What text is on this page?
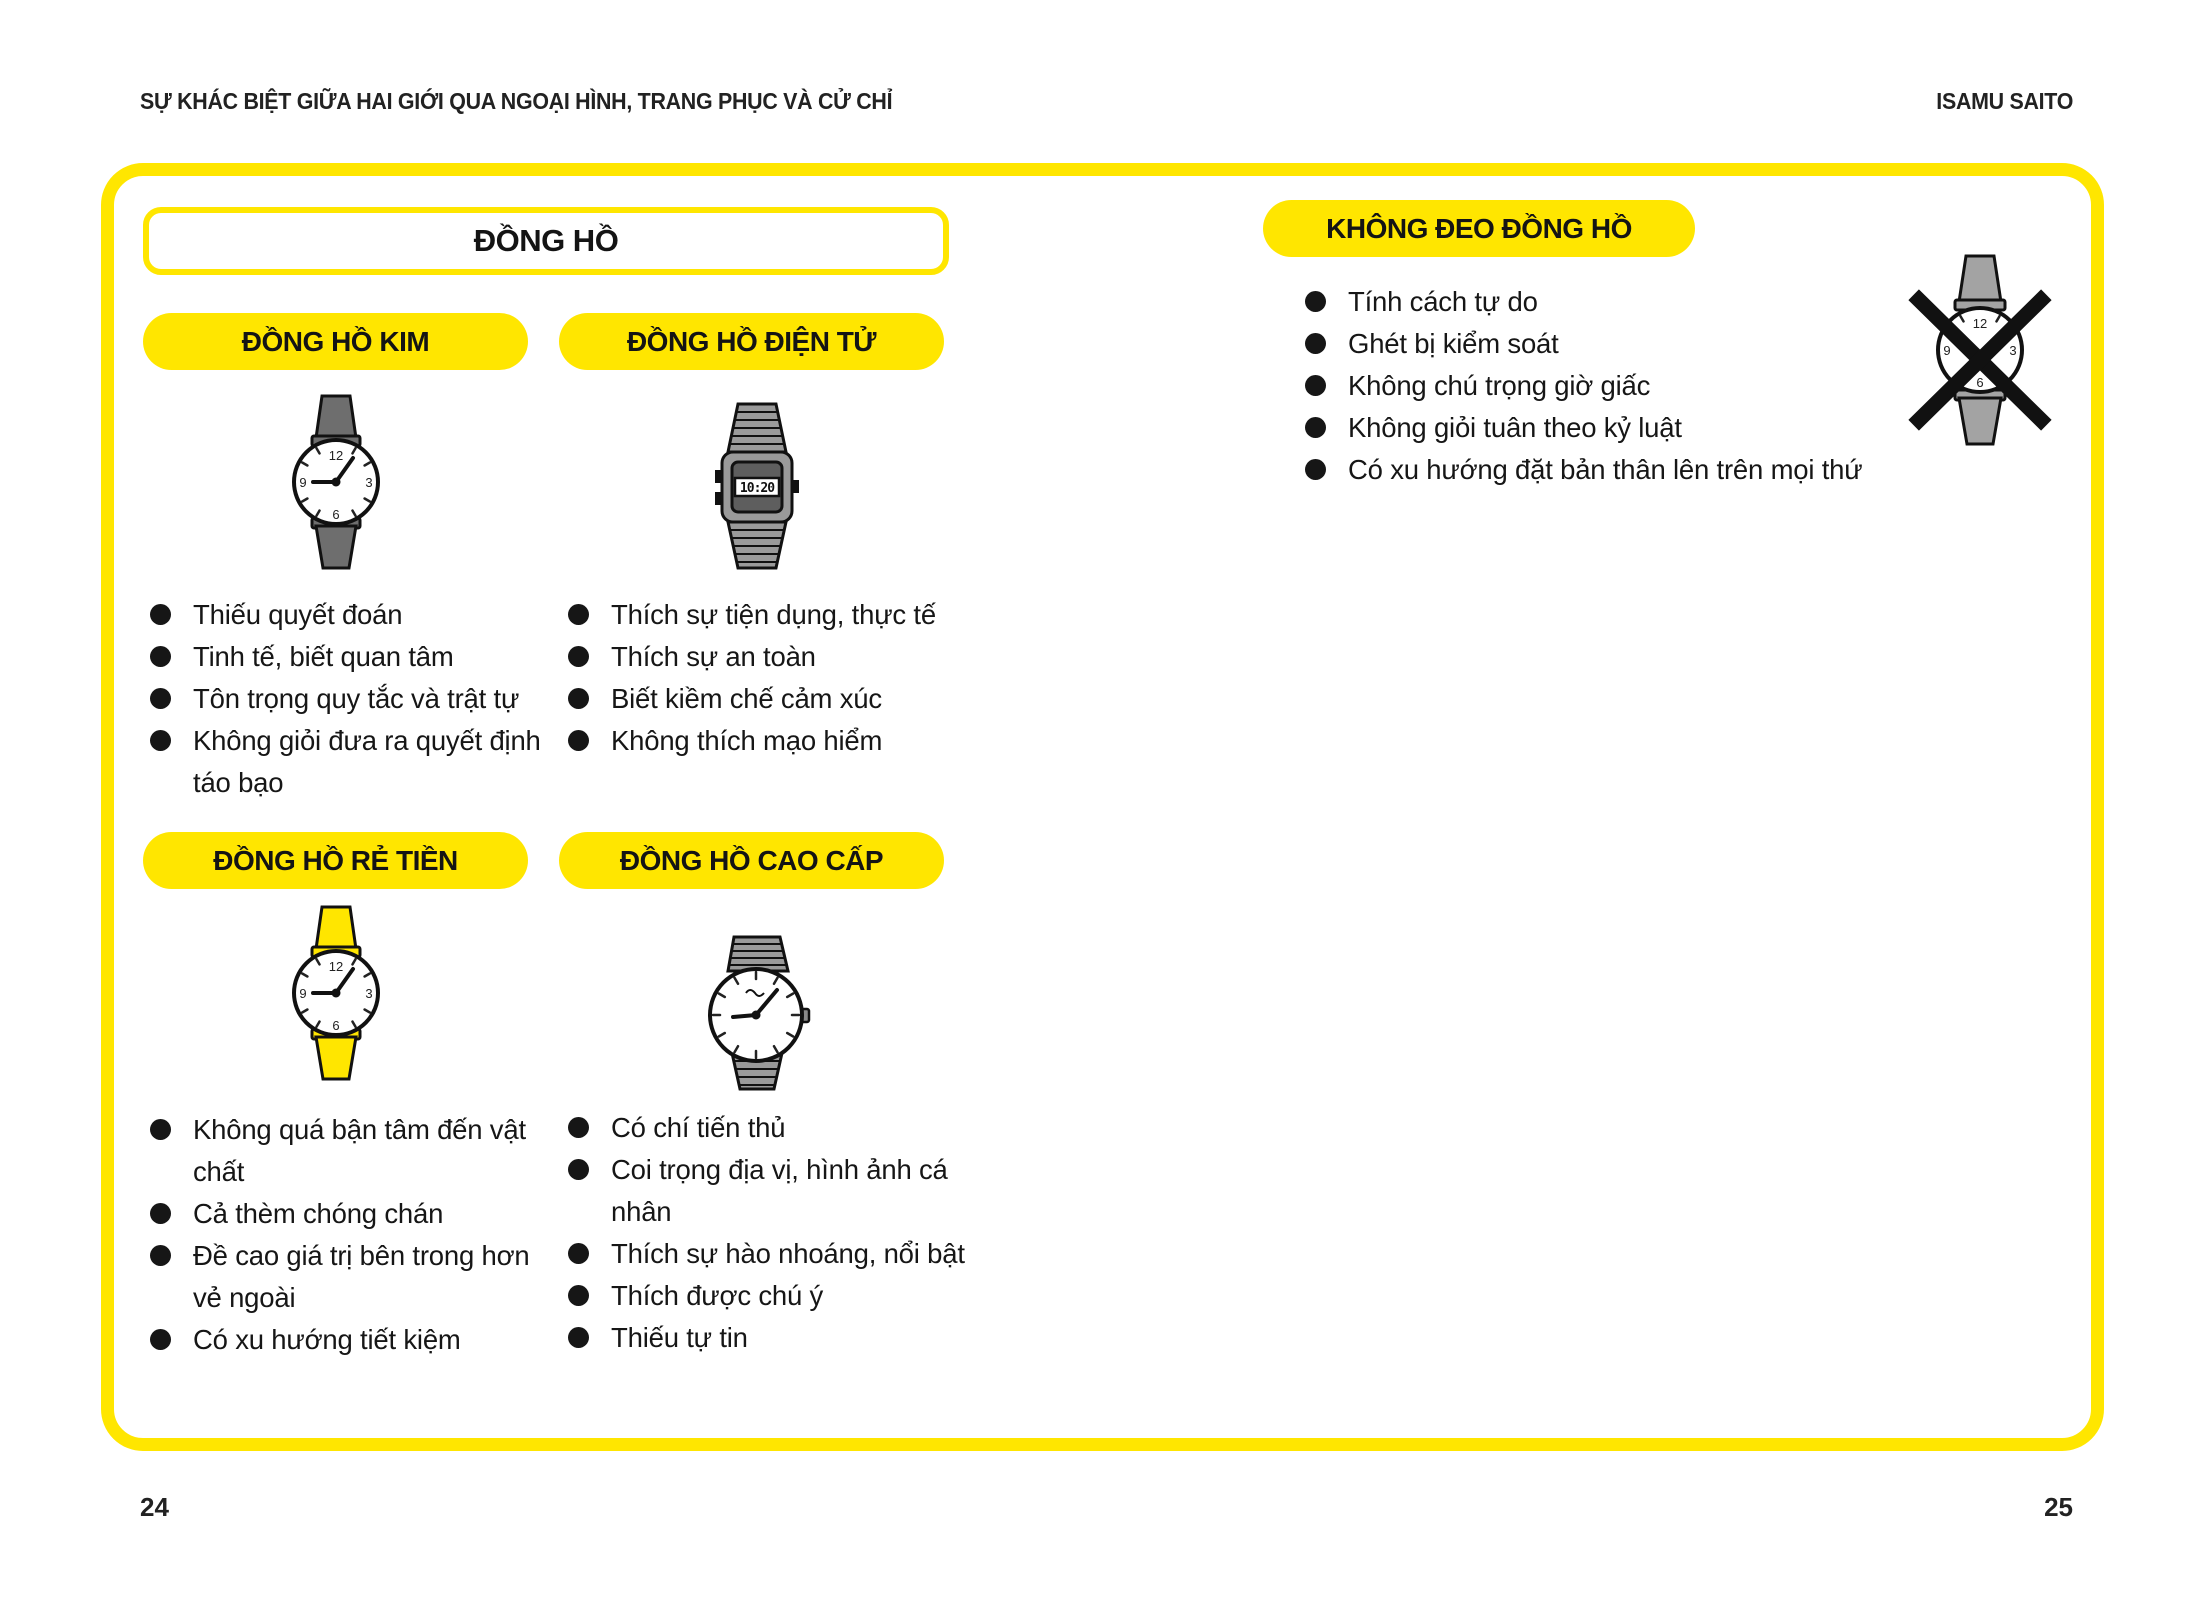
SỰ KHÁC BIỆT GIỮA HAI GIỚI QUA NGOẠI HÌNH, TRANG PHỤC VÀ CỬ CHỈ	ISAMU SAITO
ĐỒNG HỒ
ĐỒNG HỒ KIM	ĐỒNG HỒ ĐIỆN TỬ
ĐỒNG HỒ RẺ TIỀN	ĐỒNG HỒ CAO CẤP
KHÔNG ĐEO ĐỒNG HỒ
12
3
6
9	10:20
12
3
6
9
12
3
6
9
Thiếu quyết đoán
Tinh tế, biết quan tâm
Tôn trọng quy tắc và trật tự
Không giỏi đưa ra quyết định táo bạo
Thích sự tiện dụng, thực tế
Thích sự an toàn
Biết kiềm chế cảm xúc
Không thích mạo hiểm
Không quá bận tâm đến vật chất
Cả thèm chóng chán
Đề cao giá trị bên trong hơn vẻ ngoài
Có xu hướng tiết kiệm
Có chí tiến thủ
Coi trọng địa vị, hình ảnh cá nhân
Thích sự hào nhoáng, nổi bật
Thích được chú ý
Thiếu tự tin
Tính cách tự do
Ghét bị kiểm soát
Không chú trọng giờ giấc
Không giỏi tuân theo kỷ luật
Có xu hướng đặt bản thân lên trên mọi thứ
24	25
